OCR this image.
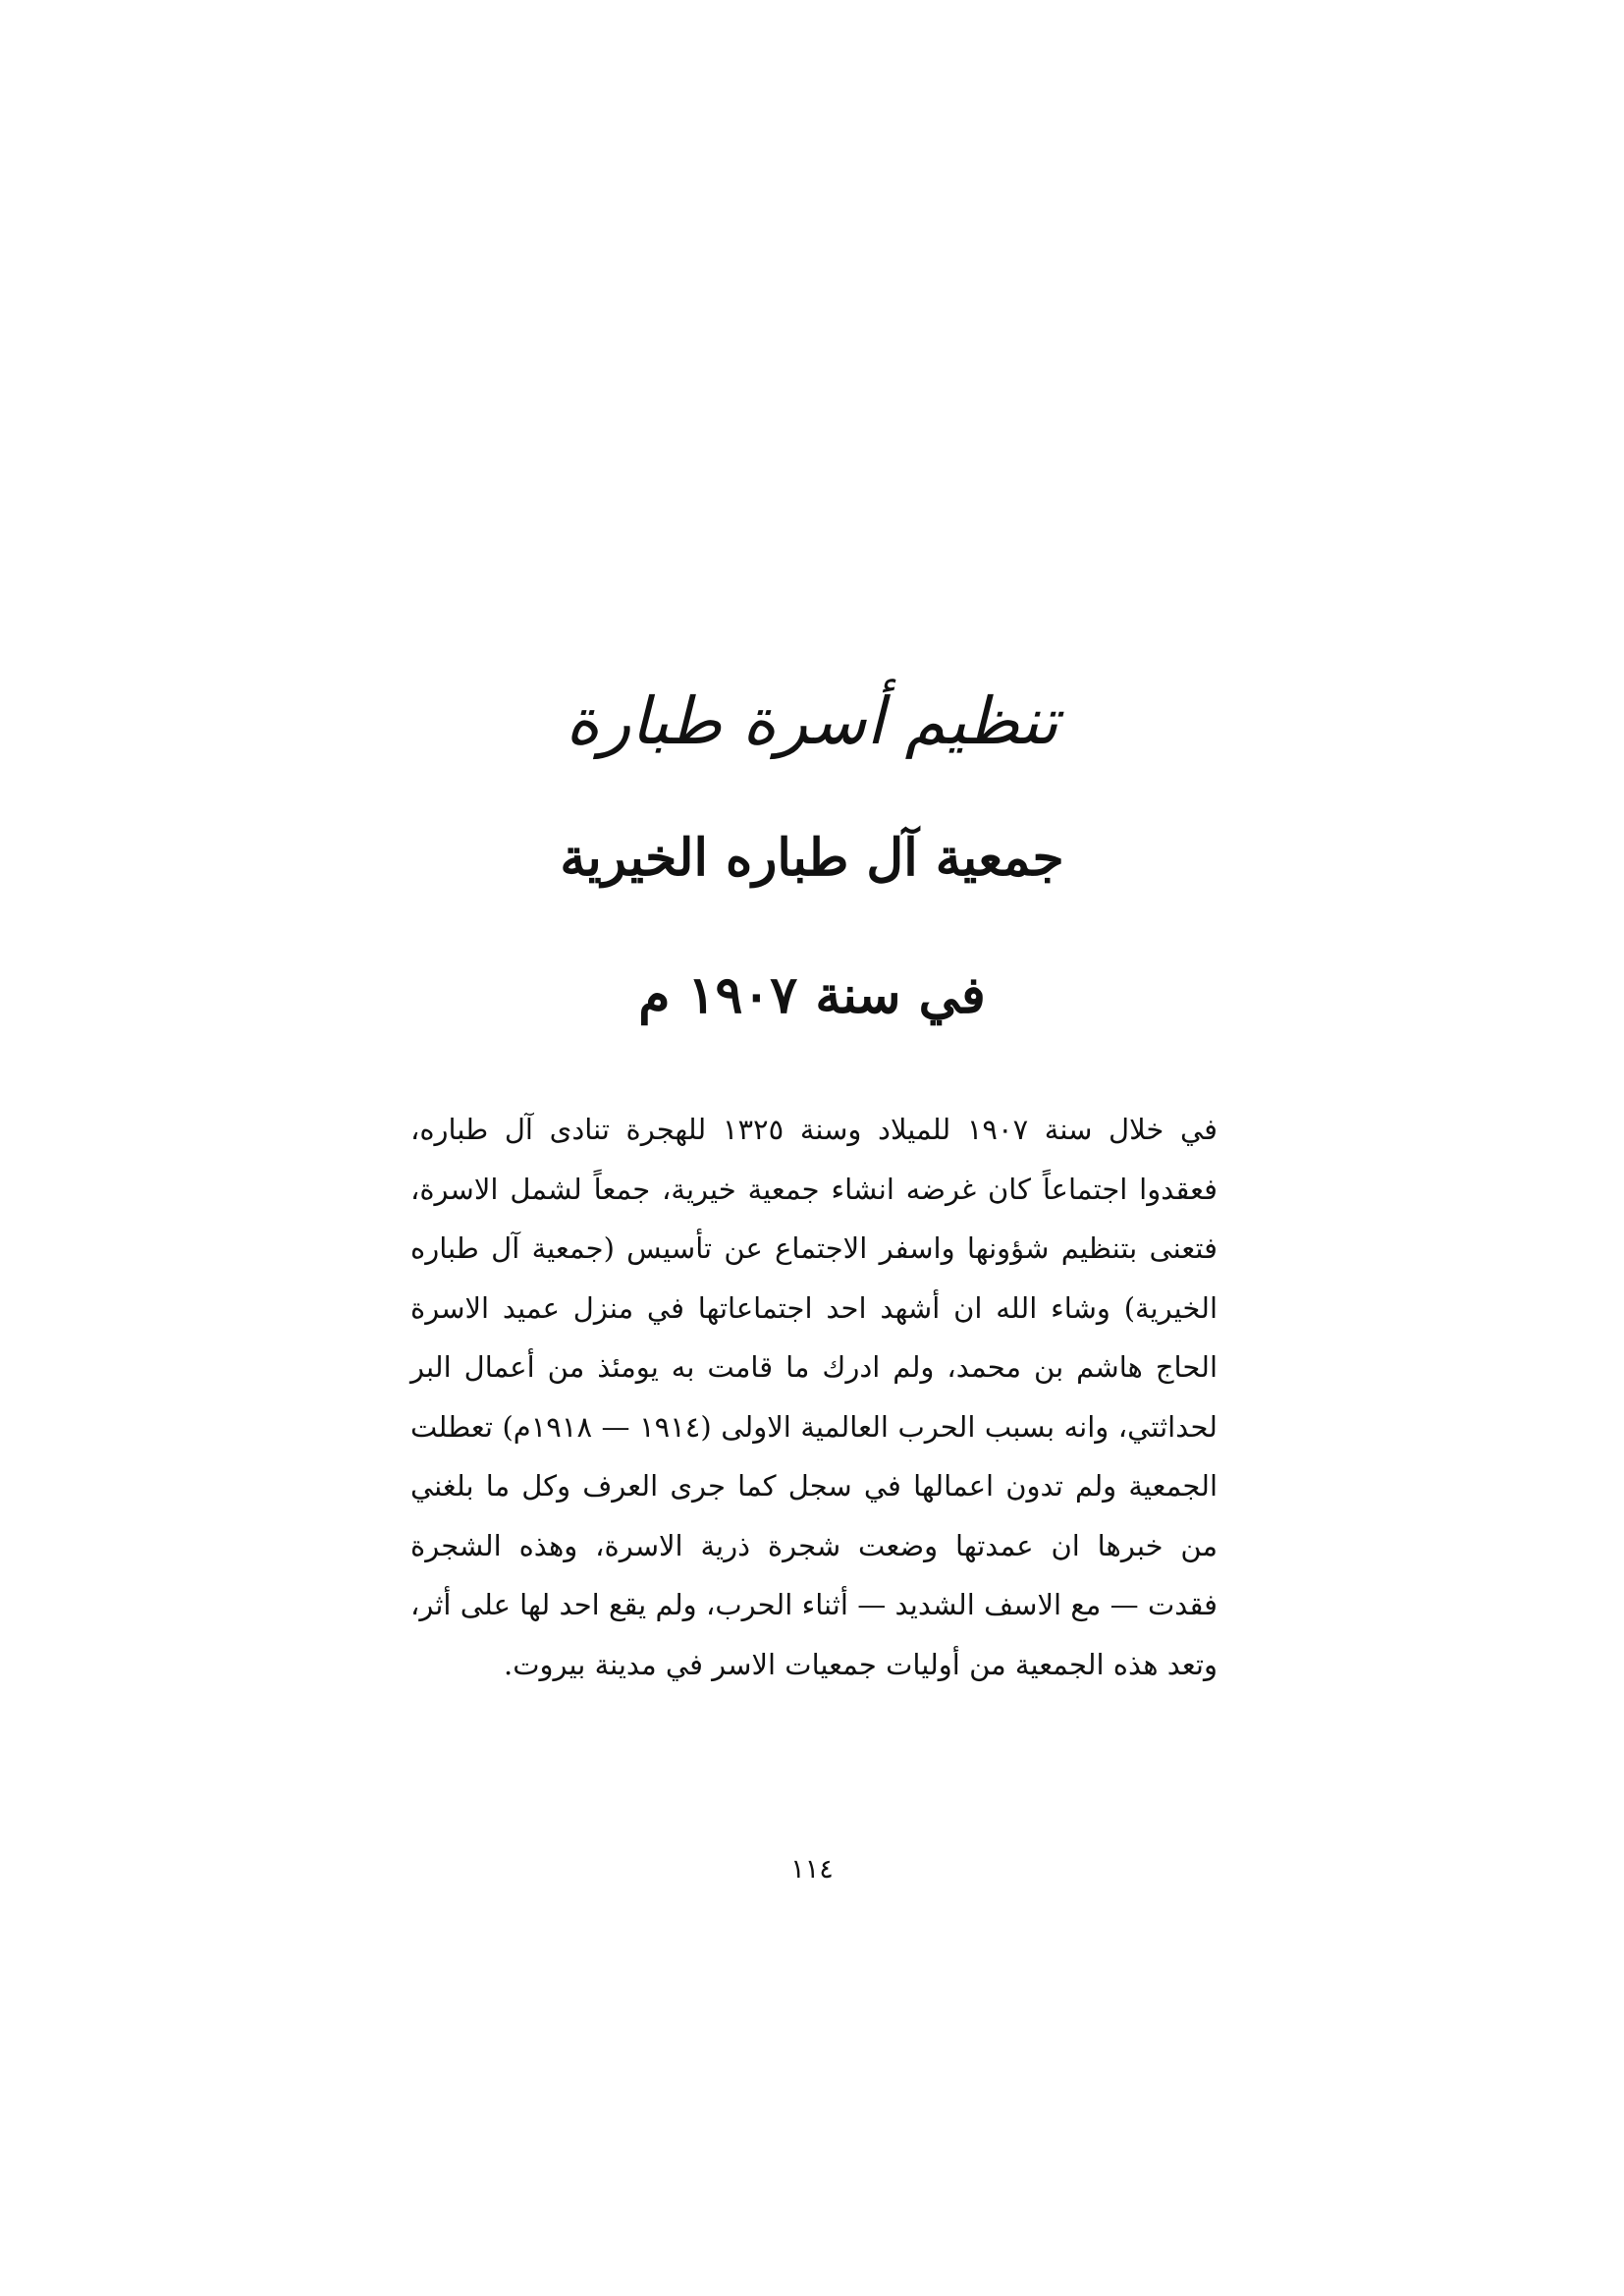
تنظيم أسرة طبارة
جمعية آل طباره الخيرية
في سنة ١٩٠٧ م

في خلال سنة ١٩٠٧ للميلاد وسنة ١٣٢٥ للهجرة تنادى آل طباره، فعقدوا اجتماعاً كان غرضه انشاء جمعية خيرية، جمعاً لشمل الاسرة، فتعنى بتنظيم شؤونها واسفر الاجتماع عن تأسيس (جمعية آل طباره الخيرية) وشاء الله ان أشهد احد اجتماعاتها في منزل عميد الاسرة الحاج هاشم بن محمد، ولم ادرك ما قامت به يومئذ من أعمال البر لحداثتي، وانه بسبب الحرب العالمية الاولى (١٩١٤ — ١٩١٨م) تعطلت الجمعية ولم تدون اعمالها في سجل كما جرى العرف وكل ما بلغني من خبرها ان عمدتها وضعت شجرة ذرية الاسرة، وهذه الشجرة فقدت — مع الاسف الشديد — أثناء الحرب، ولم يقع احد لها على أثر، وتعد هذه الجمعية من أوليات جمعيات الاسر في مدينة بيروت.

١١٤
